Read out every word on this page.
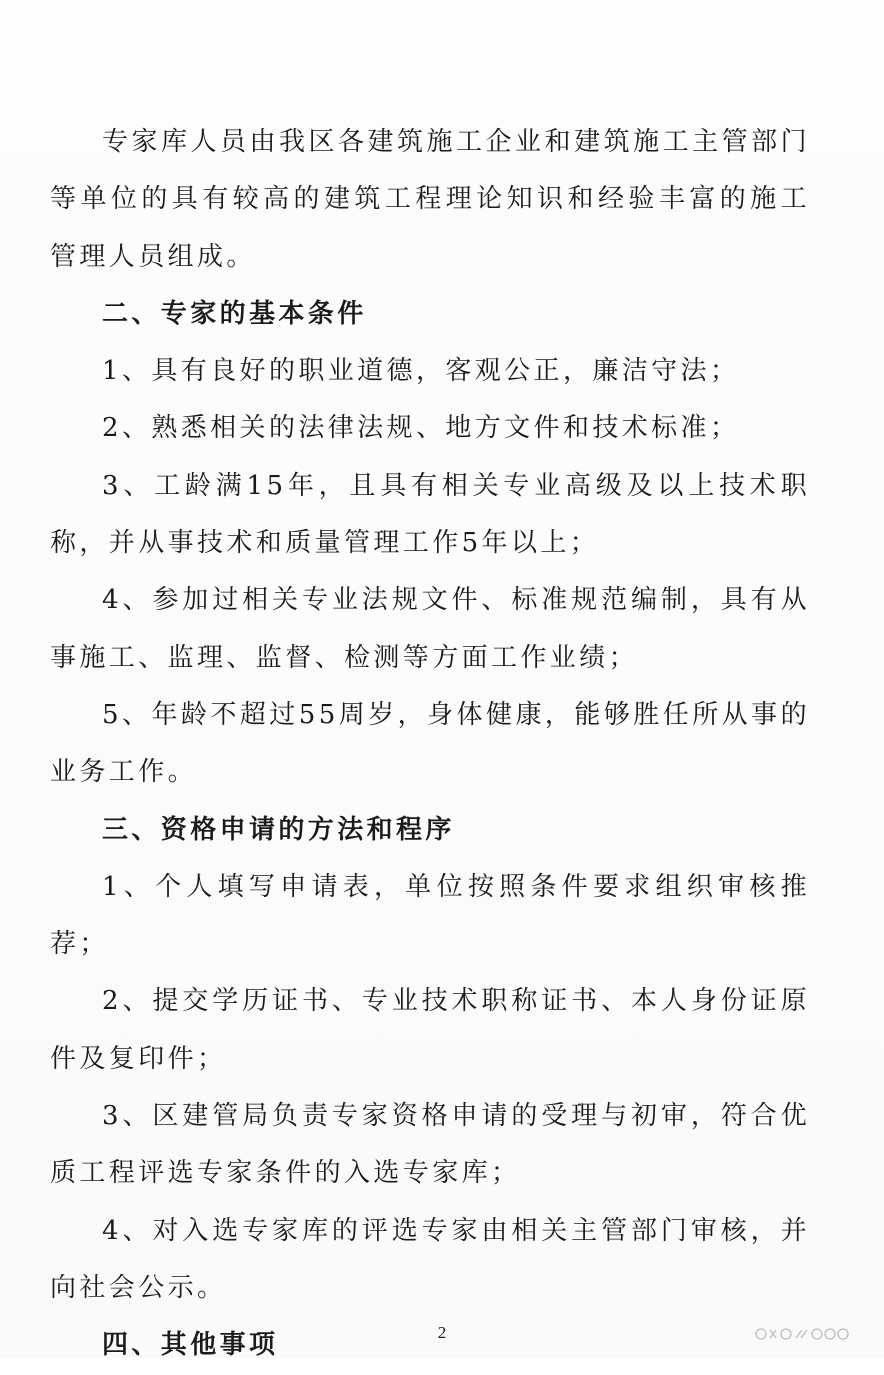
专家库人员由我区各建筑施工企业和建筑施工主管部门等单位的具有较高的建筑工程理论知识和经验丰富的施工管理人员组成。

二、专家的基本条件

1、具有良好的职业道德，客观公正，廉洁守法；

2、熟悉相关的法律法规、地方文件和技术标准；

3、工龄满15年，且具有相关专业高级及以上技术职称，并从事技术和质量管理工作5年以上；

4、参加过相关专业法规文件、标准规范编制，具有从事施工、监理、监督、检测等方面工作业绩；

5、年龄不超过55周岁，身体健康，能够胜任所从事的业务工作。

三、资格申请的方法和程序

1、个人填写申请表，单位按照条件要求组织审核推荐；

2、提交学历证书、专业技术职称证书、本人身份证原件及复印件；

3、区建管局负责专家资格申请的受理与初审，符合优质工程评选专家条件的入选专家库；

4、对入选专家库的评选专家由相关主管部门审核，并向社会公示。

四、其他事项	2
